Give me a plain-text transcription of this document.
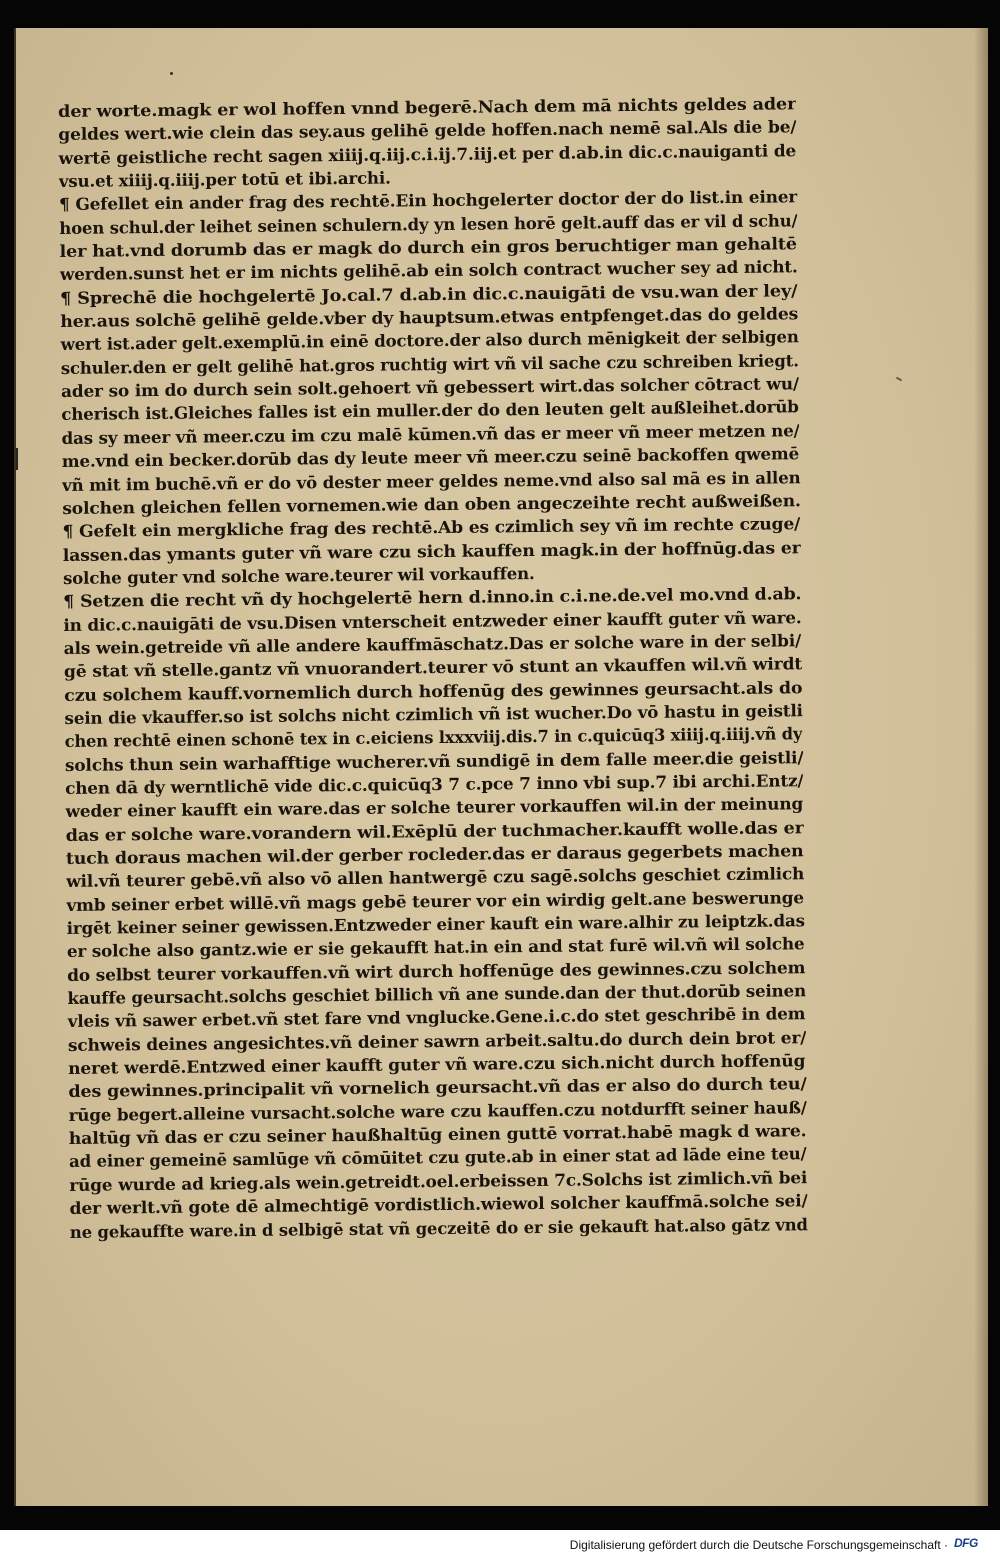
der worte.magk er wol hoffen vnnd begerē.Nach dem mā nichts geldes ader
geldes wert.wie clein das sey.aus gelihē gelde hoffen.nach nemē sal.Als die be/
wertē geistliche recht sagen xiiij.q.iij.c.i.ij.7.iij.et per d.ab.in dic.c.nauiganti de
vsu.et xiiij.q.iiij.per totū et ibi.archi.
¶ Gefellet ein ander frag des rechtē.Ein hochgelerter doctor der do list.in einer
hoen schul.der leihet seinen schulern.dy yn lesen horē gelt.auff das er vil d schu/
ler hat.vnd dorumb das er magk do durch ein gros beruchtiger man gehaltē
werden.sunst het er im nichts gelihē.ab ein solch contract wucher sey ad nicht.
¶ Sprechē die hochgelertē Jo.cal.7 d.ab.in dic.c.nauigāti de vsu.wan der ley/
her.aus solchē gelihē gelde.vber dy hauptsum.etwas entpfenget.das do geldes
wert ist.ader gelt.exemplū.in einē doctore.der also durch mēnigkeit der selbigen
schuler.den er gelt gelihē hat.gros ruchtig wirt vñ vil sache czu schreiben kriegt.
ader so im do durch sein solt.gehoert vñ gebessert wirt.das solcher cōtract wu/
cherisch ist.Gleiches falles ist ein muller.der do den leuten gelt außleihet.dorūb
das sy meer vñ meer.czu im czu malē kūmen.vñ das er meer vñ meer metzen ne/
me.vnd ein becker.dorūb das dy leute meer vñ meer.czu seinē backoffen qwemē
vñ mit im buchē.vñ er do vō dester meer geldes neme.vnd also sal mā es in allen
solchen gleichen fellen vornemen.wie dan oben angeczeihte recht außweißen.
¶ Gefelt ein mergkliche frag des rechtē.Ab es czimlich sey vñ im rechte czuge/
lassen.das ymants guter vñ ware czu sich kauffen magk.in der hoffnūg.das er
solche guter vnd solche ware.teurer wil vorkauffen.
¶ Setzen die recht vñ dy hochgelertē hern d.inno.in c.i.ne.de.vel mo.vnd d.ab.
in dic.c.nauigāti de vsu.Disen vnterscheit entzweder einer kaufft guter vñ ware.
als wein.getreide vñ alle andere kauffmāschatz.Das er solche ware in der selbi/
gē stat vñ stelle.gantz vñ vnuorandert.teurer vō stunt an vkauffen wil.vñ wirdt
czu solchem kauff.vornemlich durch hoffenūg des gewinnes geursacht.als do
sein die vkauffer.so ist solchs nicht czimlich vñ ist wucher.Do vō hastu in geistli
chen rechtē einen schonē tex in c.eiciens lxxxviij.dis.7 in c.quicūq3 xiiij.q.iiij.vñ dy
solchs thun sein warhafftige wucherer.vñ sundigē in dem falle meer.die geistli/
chen dā dy werntlichē vide dic.c.quicūq3 7 c.pce 7 inno vbi sup.7 ibi archi.Entz/
weder einer kaufft ein ware.das er solche teurer vorkauffen wil.in der meinung
das er solche ware.vorandern wil.Exēplū der tuchmacher.kaufft wolle.das er
tuch doraus machen wil.der gerber rocleder.das er daraus gegerbets machen
wil.vñ teurer gebē.vñ also vō allen hantwergē czu sagē.solchs geschiet czimlich
vmb seiner erbet willē.vñ mags gebē teurer vor ein wirdig gelt.ane beswerunge
irgēt keiner seiner gewissen.Entzweder einer kauft ein ware.alhir zu leiptzk.das
er solche also gantz.wie er sie gekaufft hat.in ein and stat furē wil.vñ wil solche
do selbst teurer vorkauffen.vñ wirt durch hoffenūge des gewinnes.czu solchem
kauffe geursacht.solchs geschiet billich vñ ane sunde.dan der thut.dorūb seinen
vleis vñ sawer erbet.vñ stet fare vnd vnglucke.Gene.i.c.do stet geschribē in dem
schweis deines angesichtes.vñ deiner sawrn arbeit.saltu.do durch dein brot er/
neret werdē.Entzwed einer kaufft guter vñ ware.czu sich.nicht durch hoffenūg
des gewinnes.principalit vñ vornelich geursacht.vñ das er also do durch teu/
rūge begert.alleine vursacht.solche ware czu kauffen.czu notdurfft seiner hauß/
haltūg vñ das er czu seiner haußhaltūg einen guttē vorrat.habē magk d ware.
ad einer gemeinē samlūge vñ cōmūitet czu gute.ab in einer stat ad lāde eine teu/
rūge wurde ad krieg.als wein.getreidt.oel.erbeissen 7c.Solchs ist zimlich.vñ bei
der werlt.vñ gote dē almechtigē vordistlich.wiewol solcher kauffmā.solche sei/
ne gekauffte ware.in d selbigē stat vñ geczeitē do er sie gekauft hat.also gātz vnd
Digitalisierung gefördert durch die Deutsche Forschungsgemeinschaft · DFG
